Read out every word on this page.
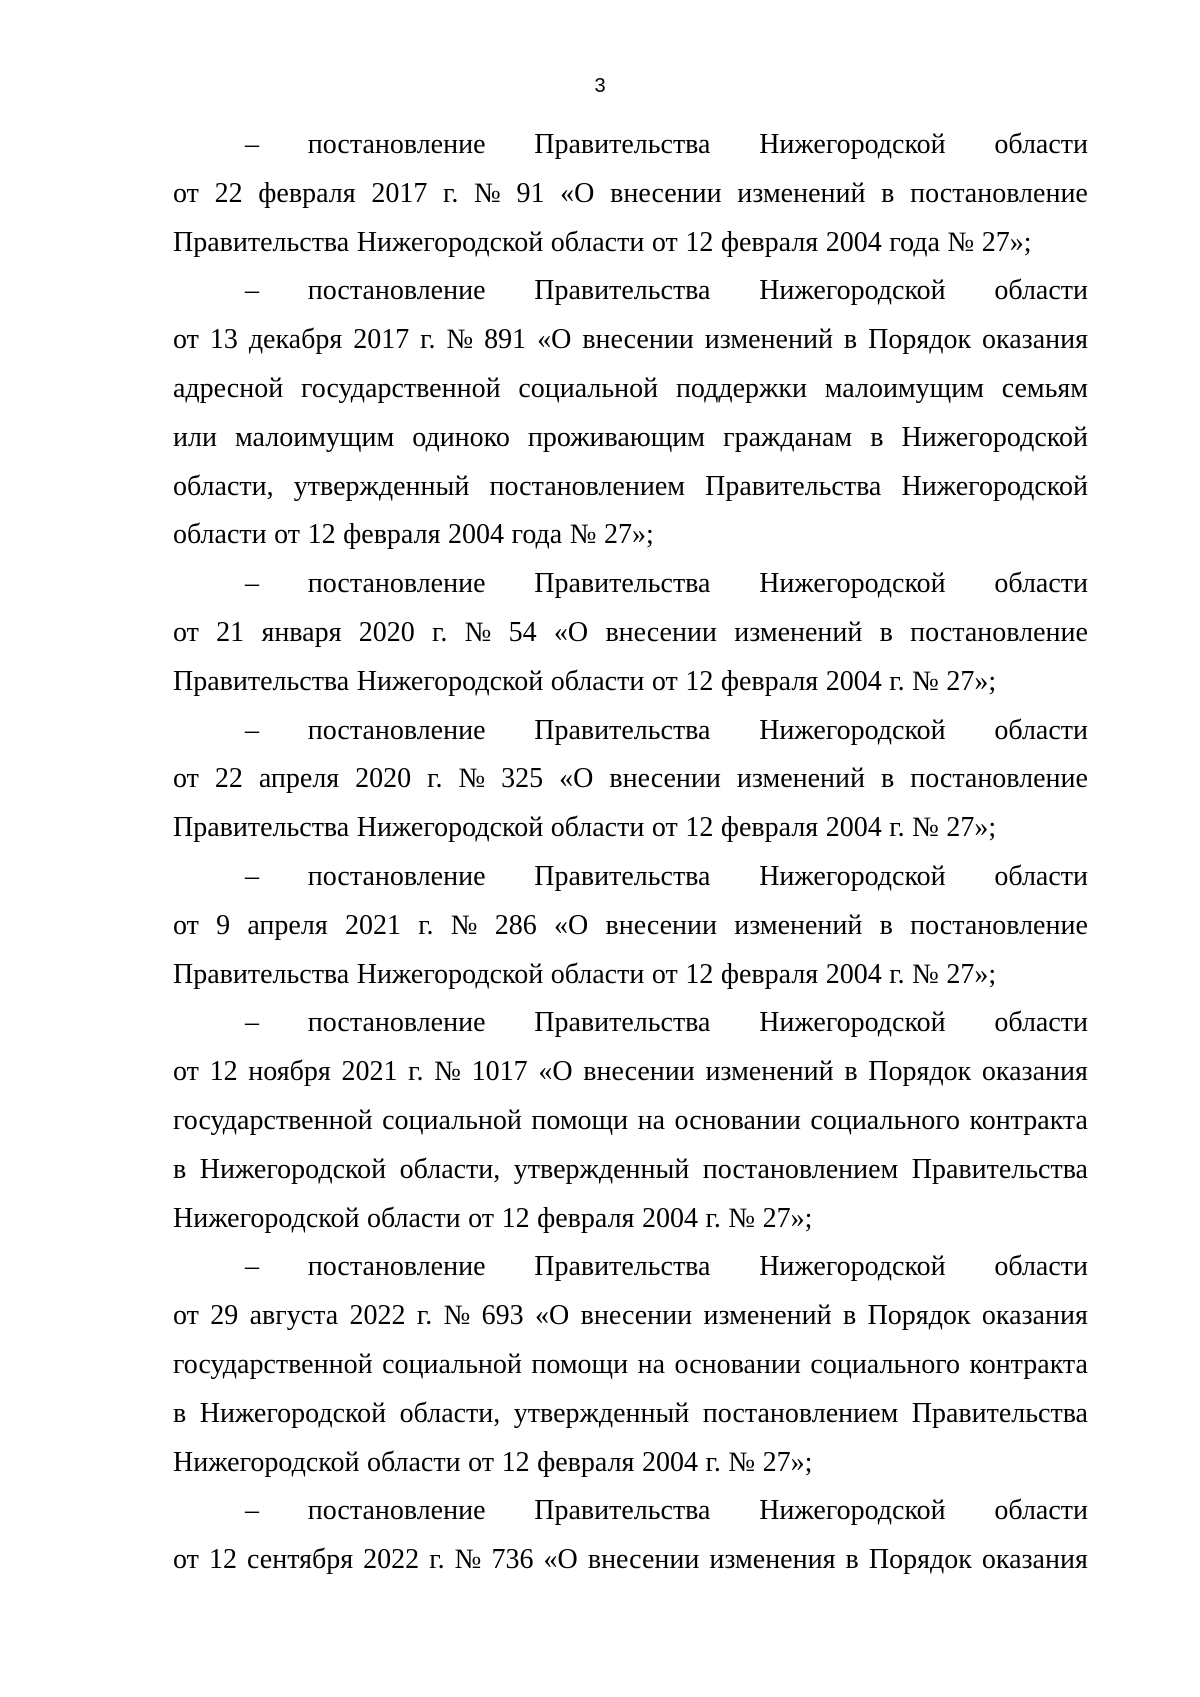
3
– постановление Правительства Нижегородской области
от 22 февраля 2017 г. № 91 «О внесении изменений в постановление
Правительства Нижегородской области от 12 февраля 2004 года № 27»;
– постановление Правительства Нижегородской области
от 13 декабря 2017 г. № 891 «О внесении изменений в Порядок оказания
адресной государственной социальной поддержки малоимущим семьям
или малоимущим одиноко проживающим гражданам в Нижегородской
области, утвержденный постановлением Правительства Нижегородской
области от 12 февраля 2004 года № 27»;
– постановление Правительства Нижегородской области
от 21 января 2020 г. № 54 «О внесении изменений в постановление
Правительства Нижегородской области от 12 февраля 2004 г. № 27»;
– постановление Правительства Нижегородской области
от 22 апреля 2020 г. № 325 «О внесении изменений в постановление
Правительства Нижегородской области от 12 февраля 2004 г. № 27»;
– постановление Правительства Нижегородской области
от 9 апреля 2021 г. № 286 «О внесении изменений в постановление
Правительства Нижегородской области от 12 февраля 2004 г. № 27»;
– постановление Правительства Нижегородской области
от 12 ноября 2021 г. № 1017 «О внесении изменений в Порядок оказания
государственной социальной помощи на основании социального контракта
в Нижегородской области, утвержденный постановлением Правительства
Нижегородской области от 12 февраля 2004 г. № 27»;
– постановление Правительства Нижегородской области
от 29 августа 2022 г. № 693 «О внесении изменений в Порядок оказания
государственной социальной помощи на основании социального контракта
в Нижегородской области, утвержденный постановлением Правительства
Нижегородской области от 12 февраля 2004 г. № 27»;
– постановление Правительства Нижегородской области
от 12 сентября 2022 г. № 736 «О внесении изменения в Порядок оказания
